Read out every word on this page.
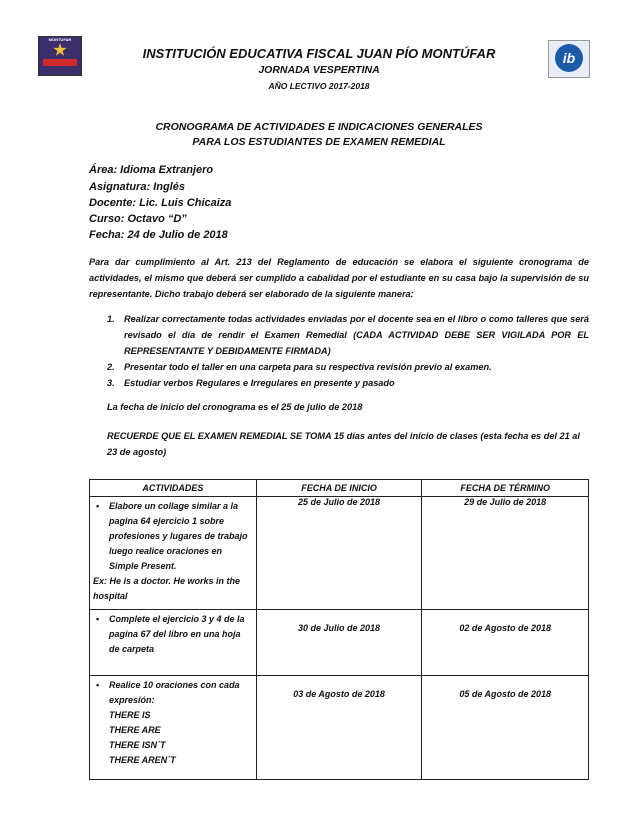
MONTUFAR
ib
INSTITUCIÓN EDUCATIVA FISCAL JUAN PÍO MONTÚFAR
JORNADA VESPERTINA
AÑO LECTIVO 2017-2018
CRONOGRAMA DE ACTIVIDADES E INDICACIONES GENERALES
PARA LOS ESTUDIANTES DE EXAMEN REMEDIAL
Área: Idioma Extranjero
Asignatura: Inglés
Docente: Lic. Luis Chicaiza
Curso: Octavo “D”
Fecha: 24 de Julio de 2018
Para dar cumplimiento al Art. 213 del Reglamento de educación se elabora el siguiente cronograma de actividades, el mismo que deberá ser cumplido a cabalidad por el estudiante en su casa bajo la supervisión de su representante. Dicho trabajo deberá ser elaborado de la siguiente manera:
1. Realizar correctamente todas actividades enviadas por el docente sea en el libro o como talleres que será revisado el día de rendir el Examen Remedial (CADA ACTIVIDAD DEBE SER VIGILADA POR EL REPRESENTANTE Y DEBIDAMENTE FIRMADA)
2. Presentar todo el taller en una carpeta para su respectiva revisión previo al examen.
3. Estudiar verbos Regulares e Irregulares en presente y pasado
La fecha de inicio del cronograma es el 25 de julio de 2018
RECUERDE QUE EL EXAMEN REMEDIAL SE TOMA 15 días antes del inicio de clases (esta fecha es del 21 al 23 de agosto)
ACTIVIDADES	FECHA DE INICIO	FECHA DE TÉRMINO

• Elabore un collage similar a la pagina 64 ejercicio 1 sobre profesiones y lugares de trabajo luego realice oraciones en Simple Present.
Ex: He is a doctor. He works in the hospital	25 de Julio de 2018	29 de Julio de 2018

• Complete el ejercicio 3 y 4 de la pagina 67 del libro en una hoja de carpeta	30 de Julio de 2018	02 de Agosto de 2018

• Realice 10 oraciones con cada expresión:
THERE IS
THERE ARE
THERE ISN´T
THERE AREN´T	03 de Agosto de 2018	05 de Agosto de 2018
